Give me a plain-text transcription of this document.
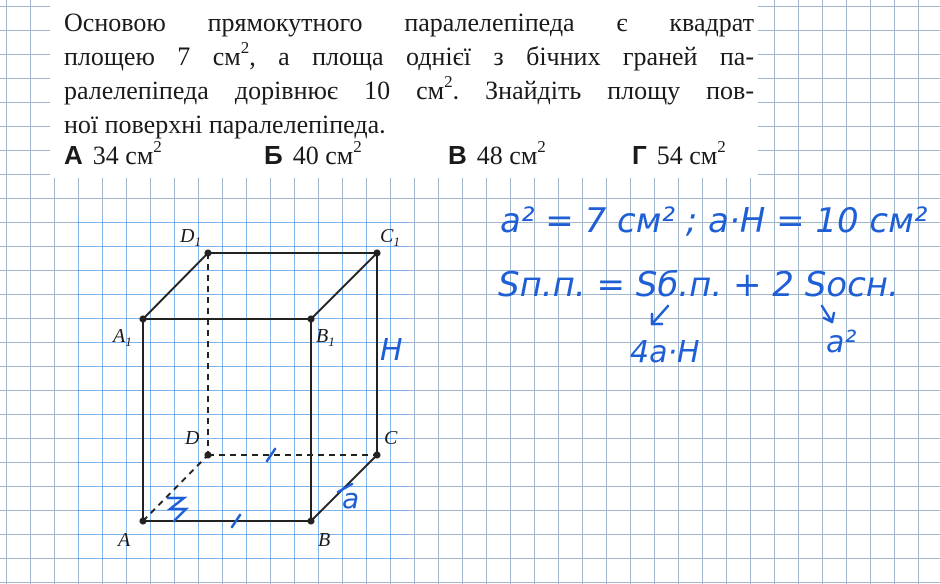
Основою прямокутного паралелепіпеда є квадрат
площею 7 $см^2$, а площа однієї з бічних граней па-
ралелепіпеда дорівнює 10 $см^2$. Знайдіть площу пов-
ної поверхні паралелепіпеда.
А 34 $см^2$	Б 40 $см^2$	В 48 $см^2$	Г 54 $см^2$
A	B
C
D
$A_1$	$B_1$
$C_1$
$D_1$
H
a
a² = 7 см² ; a·H = 10 см²
Sп.п. = Sб.п. + 2 Sосн.
4a·H	a²
